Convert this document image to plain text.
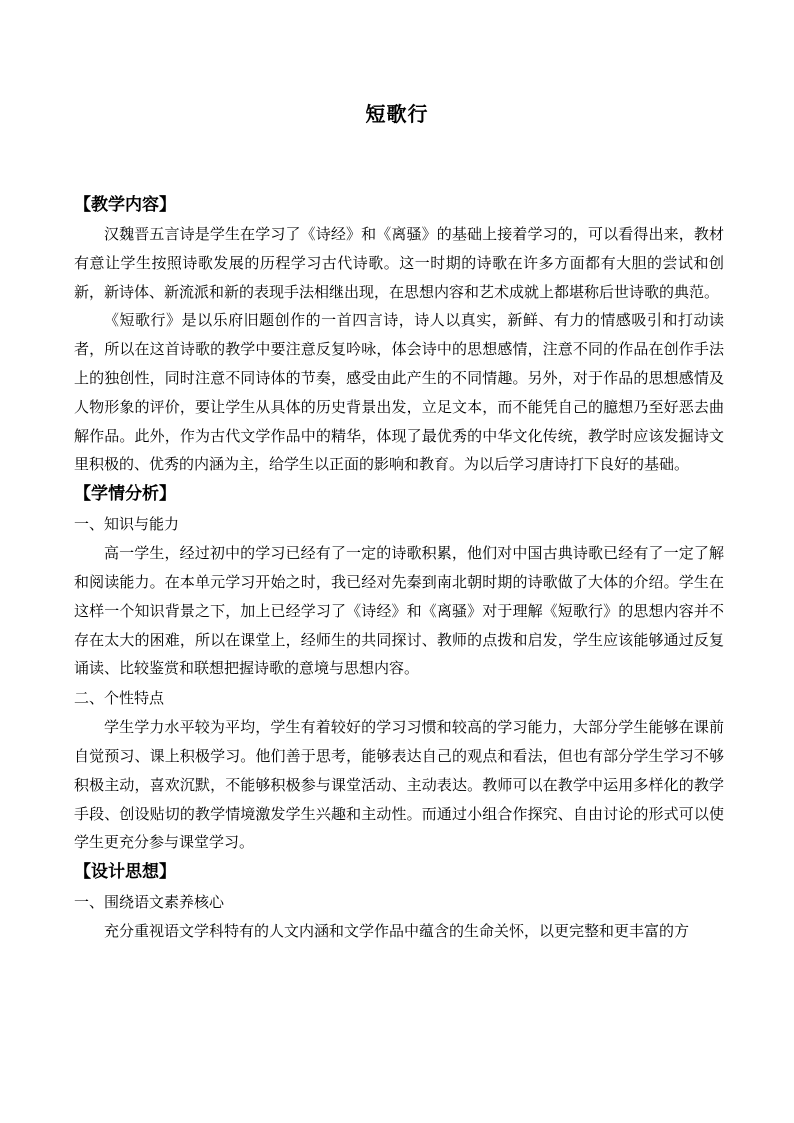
短歌行
【教学内容】

汉魏晋五言诗是学生在学习了《诗经》和《离骚》的基础上接着学习的，可以看得出来，教材有意让学生按照诗歌发展的历程学习古代诗歌。这一时期的诗歌在许多方面都有大胆的尝试和创新，新诗体、新流派和新的表现手法相继出现，在思想内容和艺术成就上都堪称后世诗歌的典范。

《短歌行》是以乐府旧题创作的一首四言诗，诗人以真实，新鲜、有力的情感吸引和打动读者，所以在这首诗歌的教学中要注意反复吟咏，体会诗中的思想感情，注意不同的作品在创作手法上的独创性，同时注意不同诗体的节奏，感受由此产生的不同情趣。另外，对于作品的思想感情及人物形象的评价，要让学生从具体的历史背景出发，立足文本，而不能凭自己的臆想乃至好恶去曲解作品。此外，作为古代文学作品中的精华，体现了最优秀的中华文化传统，教学时应该发掘诗文里积极的、优秀的内涵为主，给学生以正面的影响和教育。为以后学习唐诗打下良好的基础。

【学情分析】
一、知识与能力

高一学生，经过初中的学习已经有了一定的诗歌积累，他们对中国古典诗歌已经有了一定了解和阅读能力。在本单元学习开始之时，我已经对先秦到南北朝时期的诗歌做了大体的介绍。学生在这样一个知识背景之下，加上已经学习了《诗经》和《离骚》对于理解《短歌行》的思想内容并不存在太大的困难，所以在课堂上，经师生的共同探讨、教师的点拨和启发，学生应该能够通过反复诵读、比较鉴赏和联想把握诗歌的意境与思想内容。

二、个性特点

学生学力水平较为平均，学生有着较好的学习习惯和较高的学习能力，大部分学生能够在课前自觉预习、课上积极学习。他们善于思考，能够表达自己的观点和看法，但也有部分学生学习不够积极主动，喜欢沉默，不能够积极参与课堂活动、主动表达。教师可以在教学中运用多样化的教学手段、创设贴切的教学情境激发学生兴趣和主动性。而通过小组合作探究、自由讨论的形式可以使学生更充分参与课堂学习。

【设计思想】
一、围绕语文素养核心

充分重视语文学科特有的人文内涵和文学作品中蕴含的生命关怀，以更完整和更丰富的方
